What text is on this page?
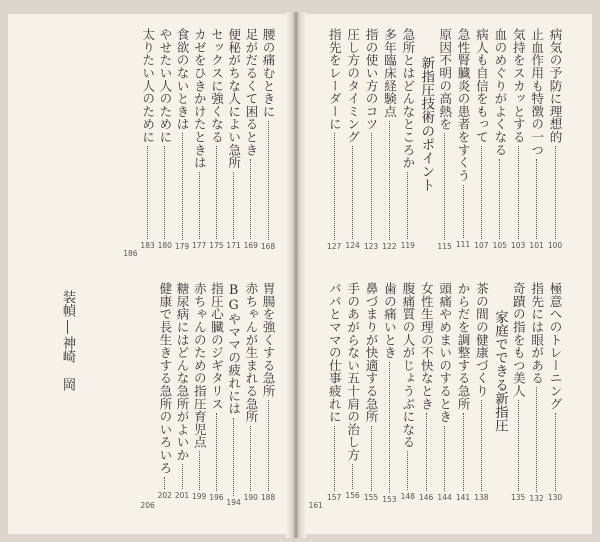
病気の予防に理想的
100
止血作用も特徴の一つ
101
気持をスカッとする
103
血のめぐりがよくなる
105
病人も自信をもって
107
急性腎臓炎の患者をすくう
111
原因不明の高熱を
115
新指圧技術のポイント
急所とはどんなところか
119
多年臨床経験点
122
指の使い方のコツ
123
圧し方のタイミング
124
指先をレーダーに
127
極意へのトレーニング
130
指先には眼がある
132
奇蹟の指をもつ美人
135
家庭でできる新指圧
茶の間の健康づくり
138
からだを調整する急所
141
頭痛やめまいのするとき
144
女性生理の不快なとき
146
腹痛質の人がじょうぶになる
148
歯の痛いとき
153
鼻づまりが快適する急所
155
手のあがらない五十肩の治し方
156
パパとママの仕事疲れに
157
161
腰の痛むときに
168
足がだるくて困るとき
169
便秘がちな人によい急所
171
セックスに強くなる
175
カゼをひきかけたときは
177
食欲のないときは
179
やせたい人のために
180
太りたい人のために
183
186
胃腸を強くする急所
188
赤ちゃんが生まれる急所
190
BGやママの疲れには
194
指圧心臓のジギタリス
196
赤ちゃんのための指圧育児点
199
糖尿病にはどんな急所がよいか
201
健康で長生きする急所のいろいろ
202
206
装幀
神崎　岡
